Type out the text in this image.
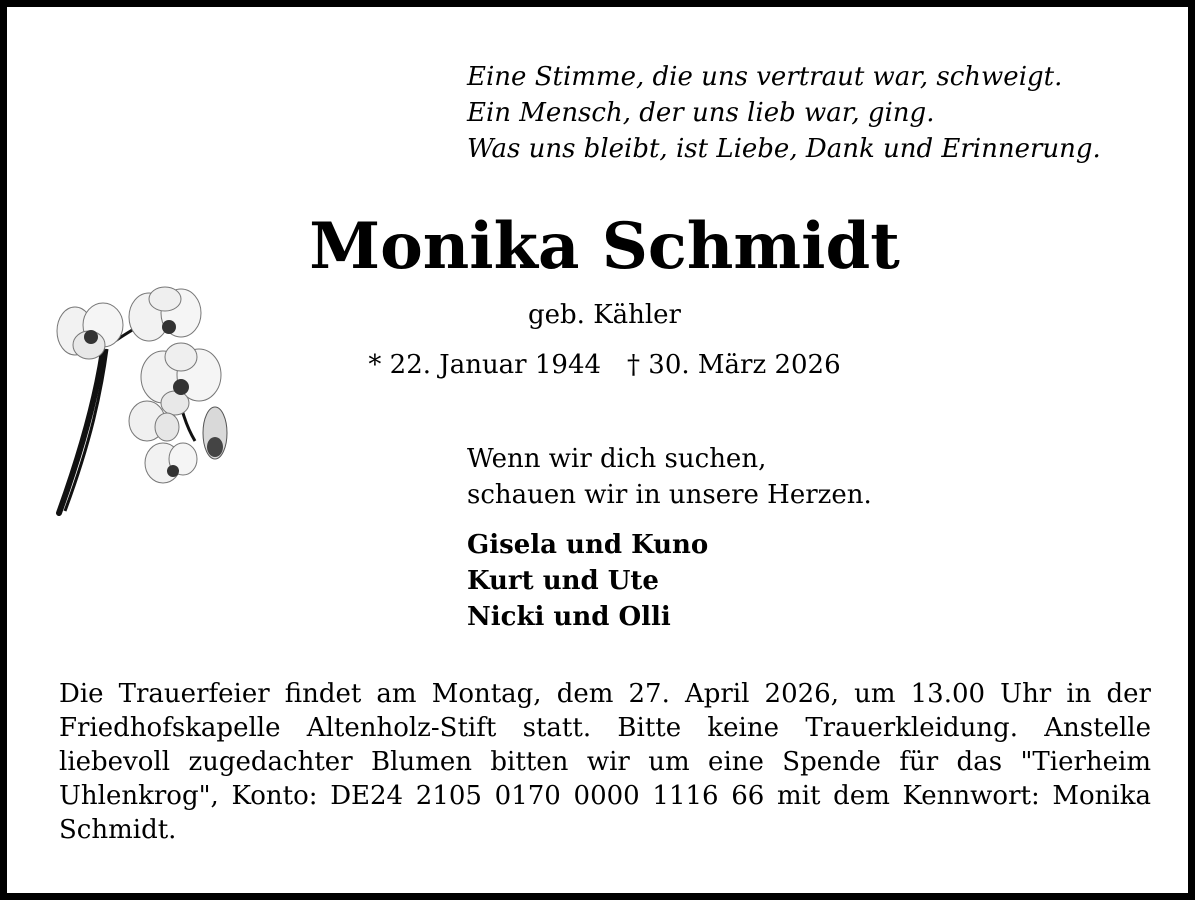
Eine Stimme, die uns vertraut war, schweigt.
Ein Mensch, der uns lieb war, ging.
Was uns bleibt, ist Liebe, Dank und Erinnerung.
Monika Schmidt
geb. Kähler
* 22. Januar 1944 † 30. März 2026
Wenn wir dich suchen,
schauen wir in unsere Herzen.
Gisela und Kuno
Kurt und Ute
Nicki und Olli
Die Trauerfeier findet am Montag, dem 27. April 2026, um 13.00 Uhr in der Friedhofskapelle Altenholz-Stift statt. Bitte keine Trauerkleidung. Anstelle liebevoll zugedachter Blumen bitten wir um eine Spende für das "Tierheim Uhlenkrog", Konto: DE24 2105 0170 0000 1116 66 mit dem Kennwort: Monika Schmidt.
